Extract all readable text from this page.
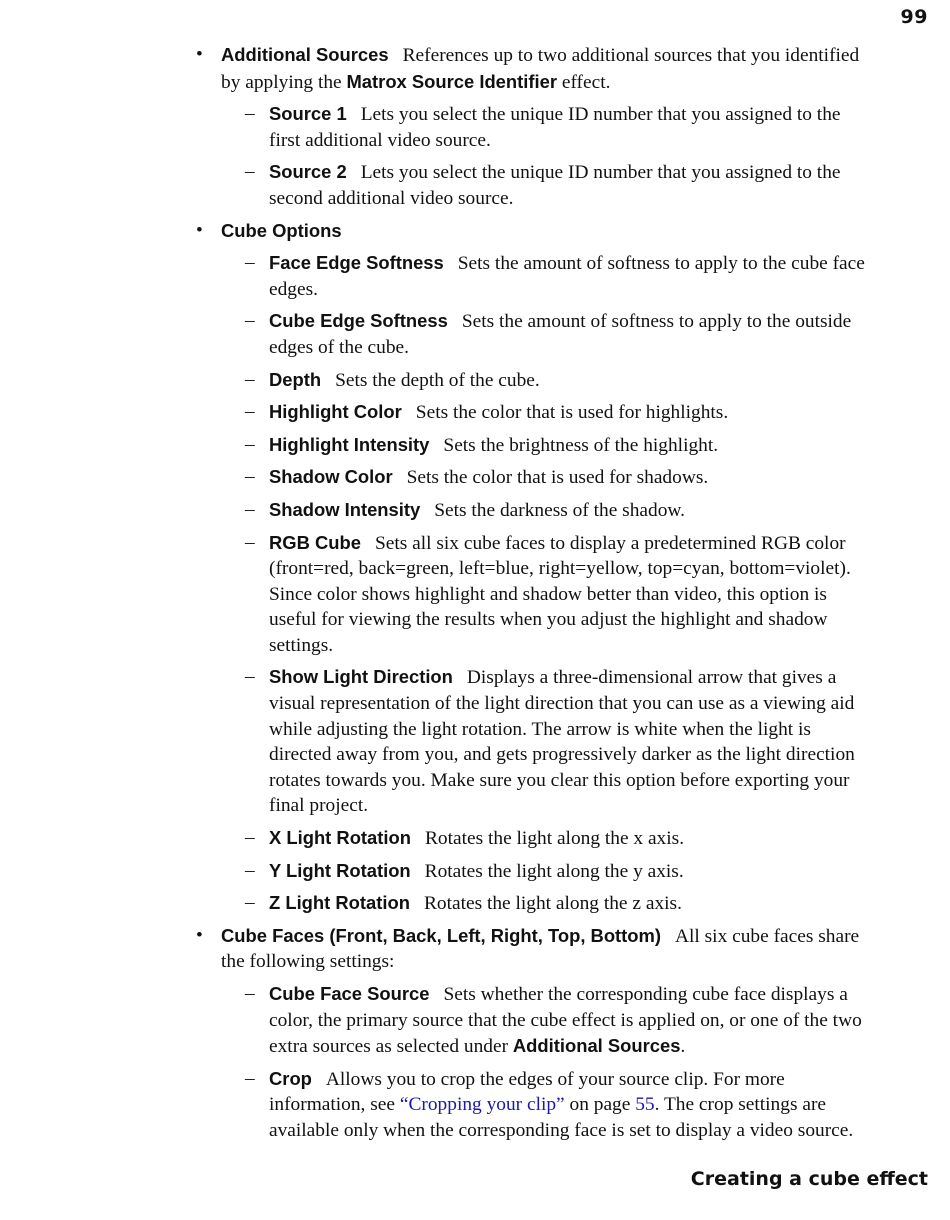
99
• Additional Sources References up to two additional sources that you identified by applying the Matrox Source Identifier effect.
– Source 1 Lets you select the unique ID number that you assigned to the first additional video source.
– Source 2 Lets you select the unique ID number that you assigned to the second additional video source.
• Cube Options
– Face Edge Softness Sets the amount of softness to apply to the cube face edges.
– Cube Edge Softness Sets the amount of softness to apply to the outside edges of the cube.
– Depth Sets the depth of the cube.
– Highlight Color Sets the color that is used for highlights.
– Highlight Intensity Sets the brightness of the highlight.
– Shadow Color Sets the color that is used for shadows.
– Shadow Intensity Sets the darkness of the shadow.
– RGB Cube Sets all six cube faces to display a predetermined RGB color (front=red, back=green, left=blue, right=yellow, top=cyan, bottom=violet). Since color shows highlight and shadow better than video, this option is useful for viewing the results when you adjust the highlight and shadow settings.
– Show Light Direction Displays a three-dimensional arrow that gives a visual representation of the light direction that you can use as a viewing aid while adjusting the light rotation. The arrow is white when the light is directed away from you, and gets progressively darker as the light direction rotates towards you. Make sure you clear this option before exporting your final project.
– X Light Rotation Rotates the light along the x axis.
– Y Light Rotation Rotates the light along the y axis.
– Z Light Rotation Rotates the light along the z axis.
• Cube Faces (Front, Back, Left, Right, Top, Bottom) All six cube faces share the following settings:
– Cube Face Source Sets whether the corresponding cube face displays a color, the primary source that the cube effect is applied on, or one of the two extra sources as selected under Additional Sources.
– Crop Allows you to crop the edges of your source clip. For more information, see “Cropping your clip” on page 55. The crop settings are available only when the corresponding face is set to display a video source.
Creating a cube effect
